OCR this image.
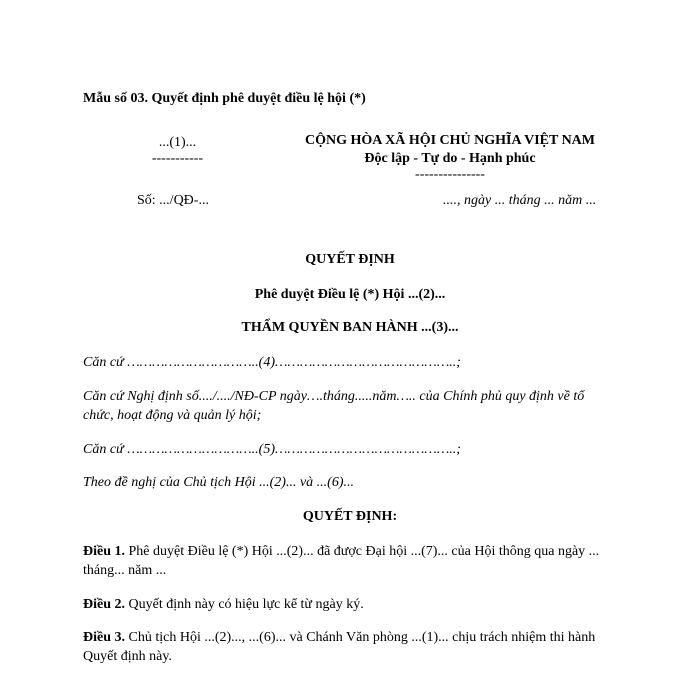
Mẫu số 03. Quyết định phê duyệt điều lệ hội (*)
...(1)...
-----------
CỘNG HÒA XÃ HỘI CHỦ NGHĨA VIỆT NAM
Độc lập - Tự do - Hạnh phúc
---------------
Số: .../QĐ-...	...., ngày ... tháng ... năm ...
QUYẾT ĐỊNH
Phê duyệt Điều lệ (*) Hội ...(2)...
THẨM QUYỀN BAN HÀNH ...(3)...
Căn cứ …………………………..(4)……………………………………..;
Căn cứ Nghị định số..../..../NĐ-CP ngày….tháng.....năm….. của Chính phủ quy định về tổ chức, hoạt động và quản lý hội;
Căn cứ …………………………..(5)……………………………………..;
Theo đề nghị của Chủ tịch Hội ...(2)... và ...(6)...
QUYẾT ĐỊNH:
Điều 1. Phê duyệt Điều lệ (*) Hội ...(2)... đã được Đại hội ...(7)... của Hội thông qua ngày ... tháng... năm ...
Điều 2. Quyết định này có hiệu lực kể từ ngày ký.
Điều 3. Chủ tịch Hội ...(2)..., ...(6)... và Chánh Văn phòng ...(1)... chịu trách nhiệm thi hành Quyết định này.
